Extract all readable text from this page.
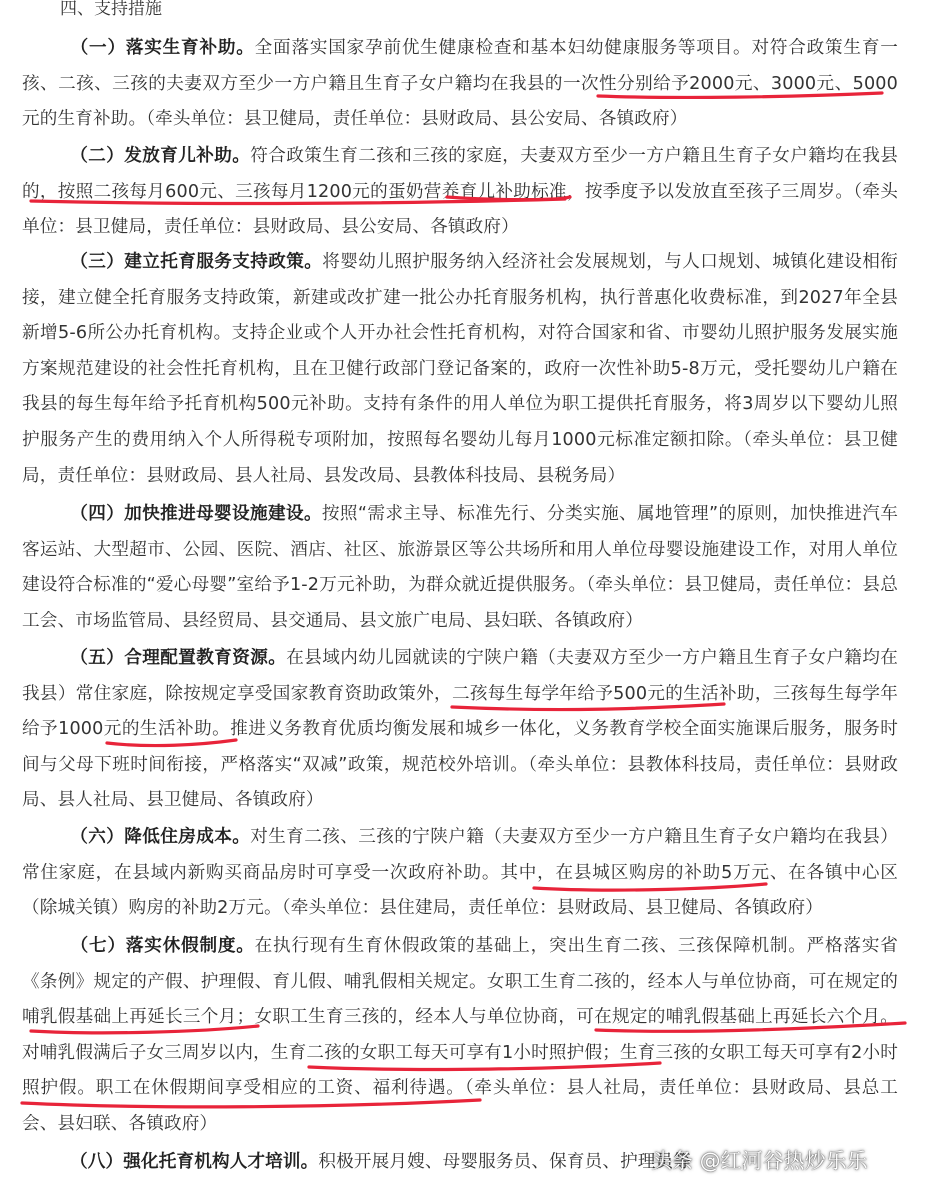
四、支持措施
（一）落实生育补助。全面落实国家孕前优生健康检查和基本妇幼健康服务等项目。对符合政策生育一孩、二孩、三孩的夫妻双方至少一方户籍且生育子女户籍均在我县的一次性分别给予2000元、3000元、5000元的生育补助。（牵头单位：县卫健局，责任单位：县财政局、县公安局、各镇政府）
（二）发放育儿补助。符合政策生育二孩和三孩的家庭，夫妻双方至少一方户籍且生育子女户籍均在我县的，按照二孩每月600元、三孩每月1200元的蛋奶营养育儿补助标准，按季度予以发放直至孩子三周岁。（牵头单位：县卫健局，责任单位：县财政局、县公安局、各镇政府）
（三）建立托育服务支持政策。将婴幼儿照护服务纳入经济社会发展规划，与人口规划、城镇化建设相衔接，建立健全托育服务支持政策，新建或改扩建一批公办托育服务机构，执行普惠化收费标准，到2027年全县新增5-6所公办托育机构。支持企业或个人开办社会性托育机构，对符合国家和省、市婴幼儿照护服务发展实施方案规范建设的社会性托育机构，且在卫健行政部门登记备案的，政府一次性补助5-8万元，受托婴幼儿户籍在我县的每生每年给予托育机构500元补助。支持有条件的用人单位为职工提供托育服务，将3周岁以下婴幼儿照护服务产生的费用纳入个人所得税专项附加，按照每名婴幼儿每月1000元标准定额扣除。（牵头单位：县卫健局，责任单位：县财政局、县人社局、县发改局、县教体科技局、县税务局）
（四）加快推进母婴设施建设。按照“需求主导、标准先行、分类实施、属地管理”的原则，加快推进汽车客运站、大型超市、公园、医院、酒店、社区、旅游景区等公共场所和用人单位母婴设施建设工作，对用人单位建设符合标准的“爱心母婴”室给予1-2万元补助，为群众就近提供服务。（牵头单位：县卫健局，责任单位：县总工会、市场监管局、县经贸局、县交通局、县文旅广电局、县妇联、各镇政府）
（五）合理配置教育资源。在县域内幼儿园就读的宁陕户籍（夫妻双方至少一方户籍且生育子女户籍均在我县）常住家庭，除按规定享受国家教育资助政策外，二孩每生每学年给予500元的生活补助，三孩每生每学年给予1000元的生活补助。推进义务教育优质均衡发展和城乡一体化，义务教育学校全面实施课后服务，服务时间与父母下班时间衔接，严格落实“双减”政策，规范校外培训。（牵头单位：县教体科技局，责任单位：县财政局、县人社局、县卫健局、各镇政府）
（六）降低住房成本。对生育二孩、三孩的宁陕户籍（夫妻双方至少一方户籍且生育子女户籍均在我县）常住家庭，在县域内新购买商品房时可享受一次政府补助。其中，在县城区购房的补助5万元、在各镇中心区（除城关镇）购房的补助2万元。（牵头单位：县住建局，责任单位：县财政局、县卫健局、各镇政府）
（七）落实休假制度。在执行现有生育休假政策的基础上，突出生育二孩、三孩保障机制。严格落实省《条例》规定的产假、护理假、育儿假、哺乳假相关规定。女职工生育二孩的，经本人与单位协商，可在规定的哺乳假基础上再延长三个月；女职工生育三孩的，经本人与单位协商，可在规定的哺乳假基础上再延长六个月。对哺乳假满后子女三周岁以内，生育二孩的女职工每天可享有1小时照护假；生育三孩的女职工每天可享有2小时照护假。职工在休假期间享受相应的工资、福利待遇。（牵头单位：县人社局，责任单位：县财政局、县总工会、县妇联、各镇政府）
（八）强化托育机构人才培训。积极开展月嫂、母婴服务员、保育员、护理员等
头条 @红河谷热炒乐乐
